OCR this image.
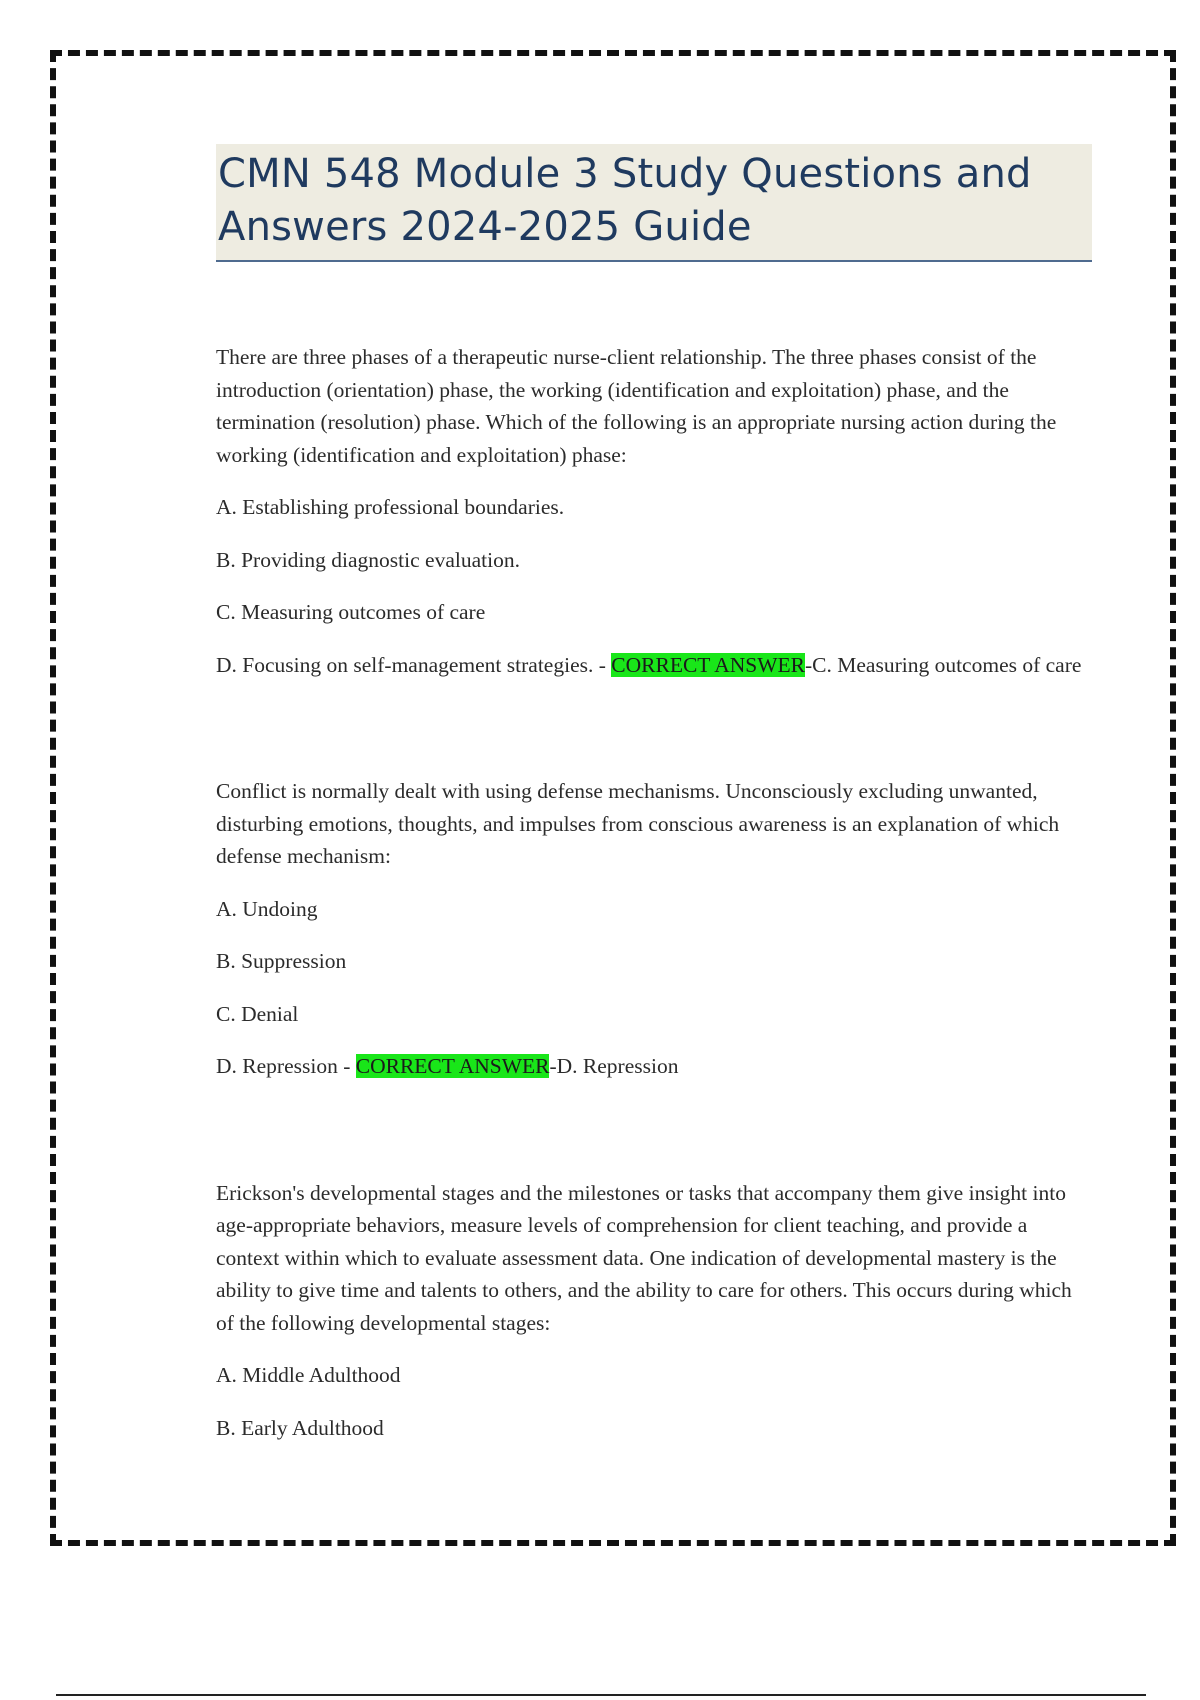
CMN 548 Module 3 Study Questions and Answers 2024-2025 Guide

There are three phases of a therapeutic nurse-client relationship. The three phases consist of the introduction (orientation) phase, the working (identification and exploitation) phase, and the termination (resolution) phase. Which of the following is an appropriate nursing action during the working (identification and exploitation) phase:

A. Establishing professional boundaries.

B. Providing diagnostic evaluation.

C. Measuring outcomes of care

D. Focusing on self-management strategies. - CORRECT ANSWER-C. Measuring outcomes of care

Conflict is normally dealt with using defense mechanisms. Unconsciously excluding unwanted, disturbing emotions, thoughts, and impulses from conscious awareness is an explanation of which defense mechanism:

A. Undoing

B. Suppression

C. Denial

D. Repression - CORRECT ANSWER-D. Repression

Erickson's developmental stages and the milestones or tasks that accompany them give insight into age-appropriate behaviors, measure levels of comprehension for client teaching, and provide a context within which to evaluate assessment data. One indication of developmental mastery is the ability to give time and talents to others, and the ability to care for others. This occurs during which of the following developmental stages:

A. Middle Adulthood

B. Early Adulthood
